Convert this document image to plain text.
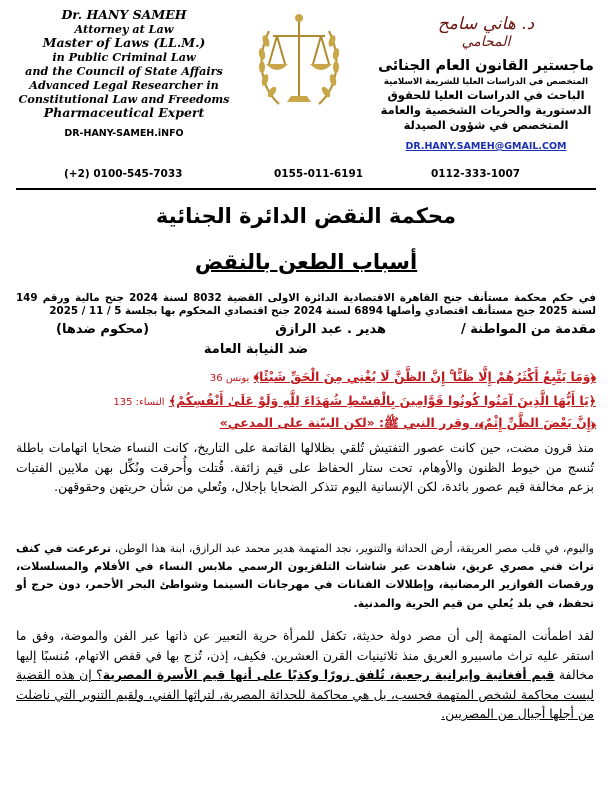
Dr. HANY SAMEH
Attorney at Law
Master of Laws (LL.M.)
in Public Criminal Law
and the Council of State Affairs
Advanced Legal Researcher in
Constitutional Law and Freedoms
Pharmaceutical Expert
DR-HANY-SAMEH.iNFO
د. هاني سامح
المحامي
ماجستير القانون العام الجنائى
المتخصص في الدراسات العليا للشريعة الاسلامية
الباحث في الدراسات العليا للحقوق
الدستورية والحريات الشخصية والعامة
المتخصص في شؤون الصيدلة
DR.HANY.SAMEH@GMAIL.COM
(+2) 0100-545-7033	0155-011-6191	0112-333-1007
محكمة النقض الدائرة الجنائية
أسباب الطعن بالنقض
في حكم محكمة مستأنف جنح القاهرة الاقتصادية الدائرة الاولى القضية 8032 لسنة 2024 جنح مالية ورقم 149 لسنة 2025 جنح مستأنف اقتصادي وأصلها 6894 لسنة 2024 جنح اقتصادي المحكوم بها بجلسة 5 / 11 / 2025
مقدمة من المواطنة /
هدير . عبد الرازق
(محكوم ضدها)
ضد النيابة العامة
﴿وَمَا يَتَّبِعُ أَكْثَرُهُمْ إِلَّا ظَنًّا ۚ إِنَّ الظَّنَّ لَا يُغْنِي مِنَ الْحَقِّ شَيْئًا﴾ يونس 36
﴿يَا أَيُّهَا الَّذِينَ آمَنُوا كُونُوا قَوَّامِينَ بِالْقِسْطِ شُهَدَاءَ لِلَّهِ وَلَوْ عَلَىٰ أَنْفُسِكُمْ﴾ النساء: 135
﴿إِنَّ بَعْضَ الظَّنِّ إِثْمٌ﴾، وقرر النبي ﷺ: «لكن البيّنة على المدعي»
منذ قرون مضت، حين كانت عصور التفتيش تُلقي بظلالها القاتمة على التاريخ، كانت النساء ضحايا اتهامات باطلة تُنسج من خيوط الظنون والأوهام، تحت ستار الحفاظ على قيم زائفة. قُتلت وأُحرقت ونُكِّل بهن ملايين الفتيات بزعم مخالفة قيم عصور بائدة، لكن الإنسانية اليوم تتذكر الضحايا بإجلال، وتُعلي من شأن حريتهن وحقوقهن.
واليوم، في قلب مصر العريقة، أرض الحداثة والتنوير، نجد المتهمة هدير محمد عبد الرازق، ابنة هذا الوطن، ترعرعت في كنف تراث فني مصري عريق، شاهدت عبر شاشات التلفزيون الرسمي ملابس النساء في الأفلام والمسلسلات، ورقصات الفوازير الرمضانية، وإطلالات الفنانات في مهرجانات السينما وشواطئ البحر الأحمر، دون حرج أو تحفظ، في بلد يُعلي من قيم الحرية والمدنية.
لقد اطمأنت المتهمة إلى أن مصر دولة حديثة، تكفل للمرأة حرية التعبير عن ذاتها عبر الفن والموضة، وفق ما استقر عليه تراث ماسبيرو العريق منذ ثلاثينيات القرن العشرين. فكيف، إذن، تُزج بها في قفص الاتهام، مُنسبًا إليها مخالفة قيم أفغانية وإيرانية رجعية، تُلفق زورًا وكذبًا على أنها قيم الأسرة المصرية؟ إن هذه القضية ليست محاكمة لشخص المتهمة فحسب، بل هي محاكمة للحداثة المصرية، لتراثها الفني، ولقيم التنوير التي ناضلت من أجلها أجيال من المصريين.
